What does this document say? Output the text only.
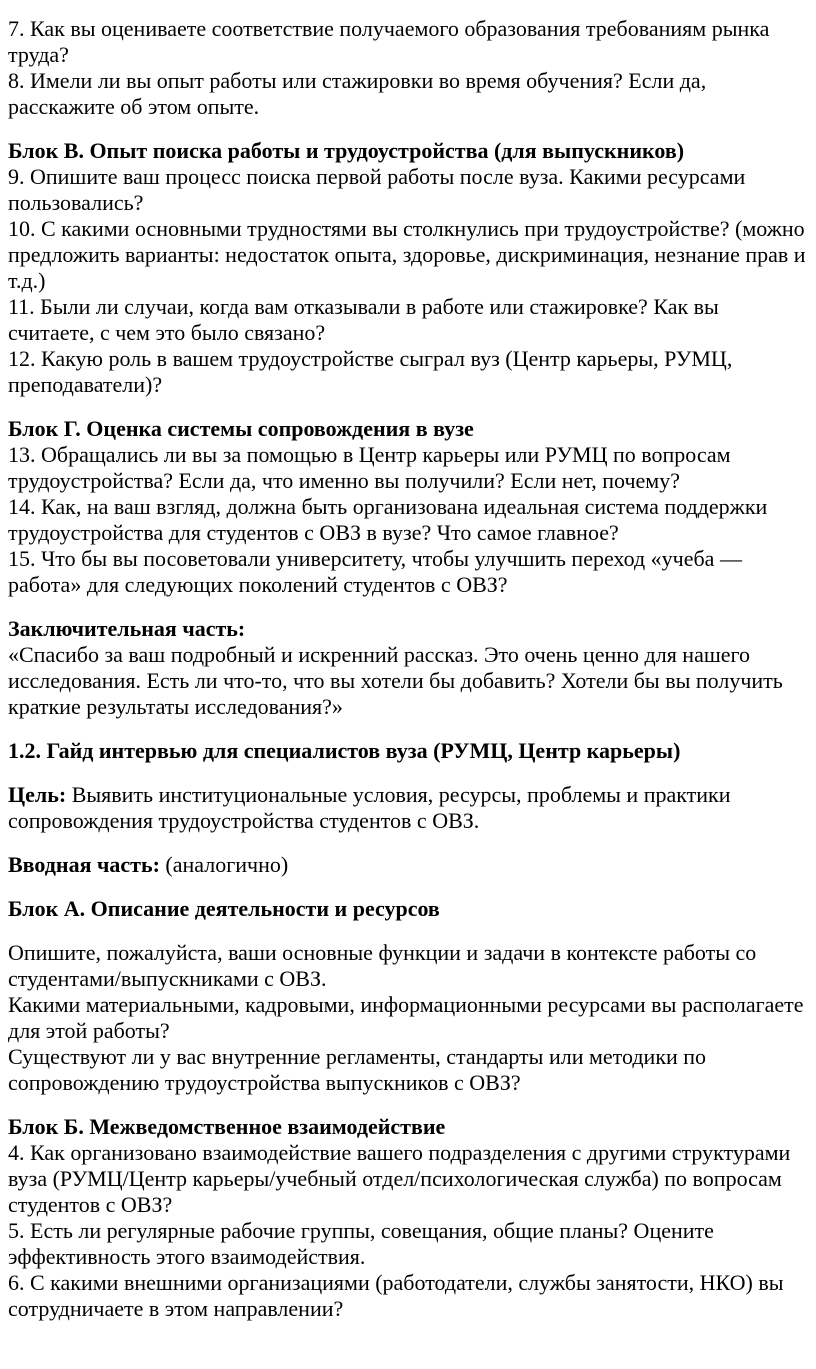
7. Как вы оцениваете соответствие получаемого образования требованиям рынка труда?

8. Имели ли вы опыт работы или стажировки во время обучения? Если да, расскажите об этом опыте.

Блок В. Опыт поиска работы и трудоустройства (для выпускников)

9. Опишите ваш процесс поиска первой работы после вуза. Какими ресурсами пользовались?

10. С какими основными трудностями вы столкнулись при трудоустройстве? (можно предложить варианты: недостаток опыта, здоровье, дискриминация, незнание прав и т.д.)

11. Были ли случаи, когда вам отказывали в работе или стажировке? Как вы считаете, с чем это было связано?

12. Какую роль в вашем трудоустройстве сыграл вуз (Центр карьеры, РУМЦ, преподаватели)?

Блок Г. Оценка системы сопровождения в вузе

13. Обращались ли вы за помощью в Центр карьеры или РУМЦ по вопросам трудоустройства? Если да, что именно вы получили? Если нет, почему?

14. Как, на ваш взгляд, должна быть организована идеальная система поддержки трудоустройства для студентов с ОВЗ в вузе? Что самое главное?

15. Что бы вы посоветовали университету, чтобы улучшить переход «учеба — работа» для следующих поколений студентов с ОВЗ?

Заключительная часть:

«Спасибо за ваш подробный и искренний рассказ. Это очень ценно для нашего исследования. Есть ли что-то, что вы хотели бы добавить? Хотели бы вы получить краткие результаты исследования?»

1.2. Гайд интервью для специалистов вуза (РУМЦ, Центр карьеры)

Цель: Выявить институциональные условия, ресурсы, проблемы и практики сопровождения трудоустройства студентов с ОВЗ.

Вводная часть: (аналогично)

Блок А. Описание деятельности и ресурсов

Опишите, пожалуйста, ваши основные функции и задачи в контексте работы со студентами/выпускниками с ОВЗ.

Какими материальными, кадровыми, информационными ресурсами вы располагаете для этой работы?

Существуют ли у вас внутренние регламенты, стандарты или методики по сопровождению трудоустройства выпускников с ОВЗ?

Блок Б. Межведомственное взаимодействие

4. Как организовано взаимодействие вашего подразделения с другими структурами вуза (РУМЦ/Центр карьеры/учебный отдел/психологическая служба) по вопросам студентов с ОВЗ?

5. Есть ли регулярные рабочие группы, совещания, общие планы? Оцените эффективность этого взаимодействия.

6. С какими внешними организациями (работодатели, службы занятости, НКО) вы сотрудничаете в этом направлении?
